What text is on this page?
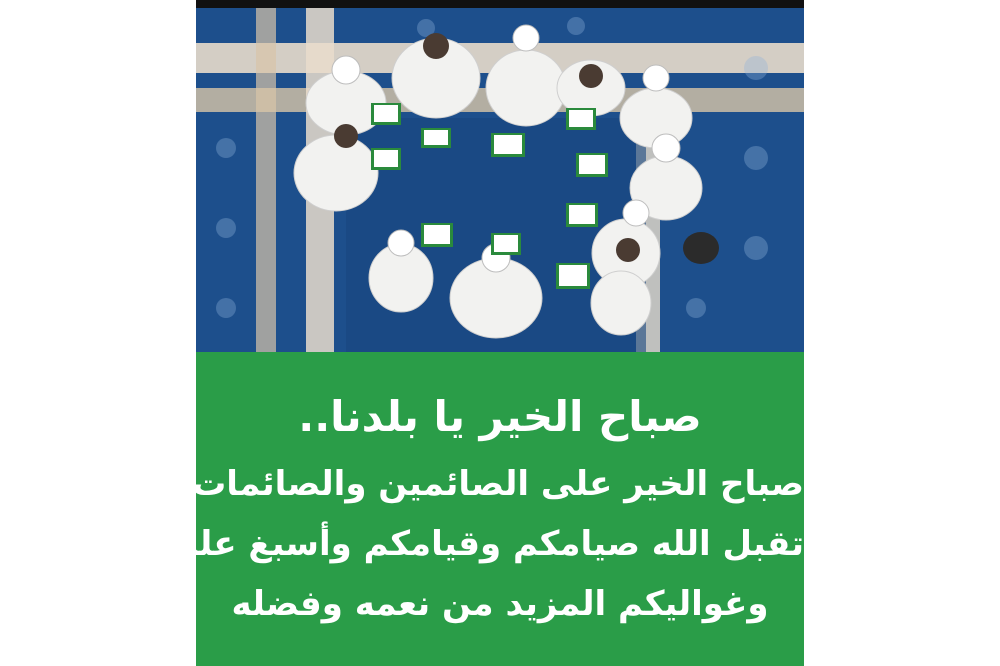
صباح الخير يا بلدنا..
صباح الخير على الصائمين والصائمات
تقبل الله صيامكم وقيامكم وأسبغ عليكم
وغواليكم المزيد من نعمه وفضله
